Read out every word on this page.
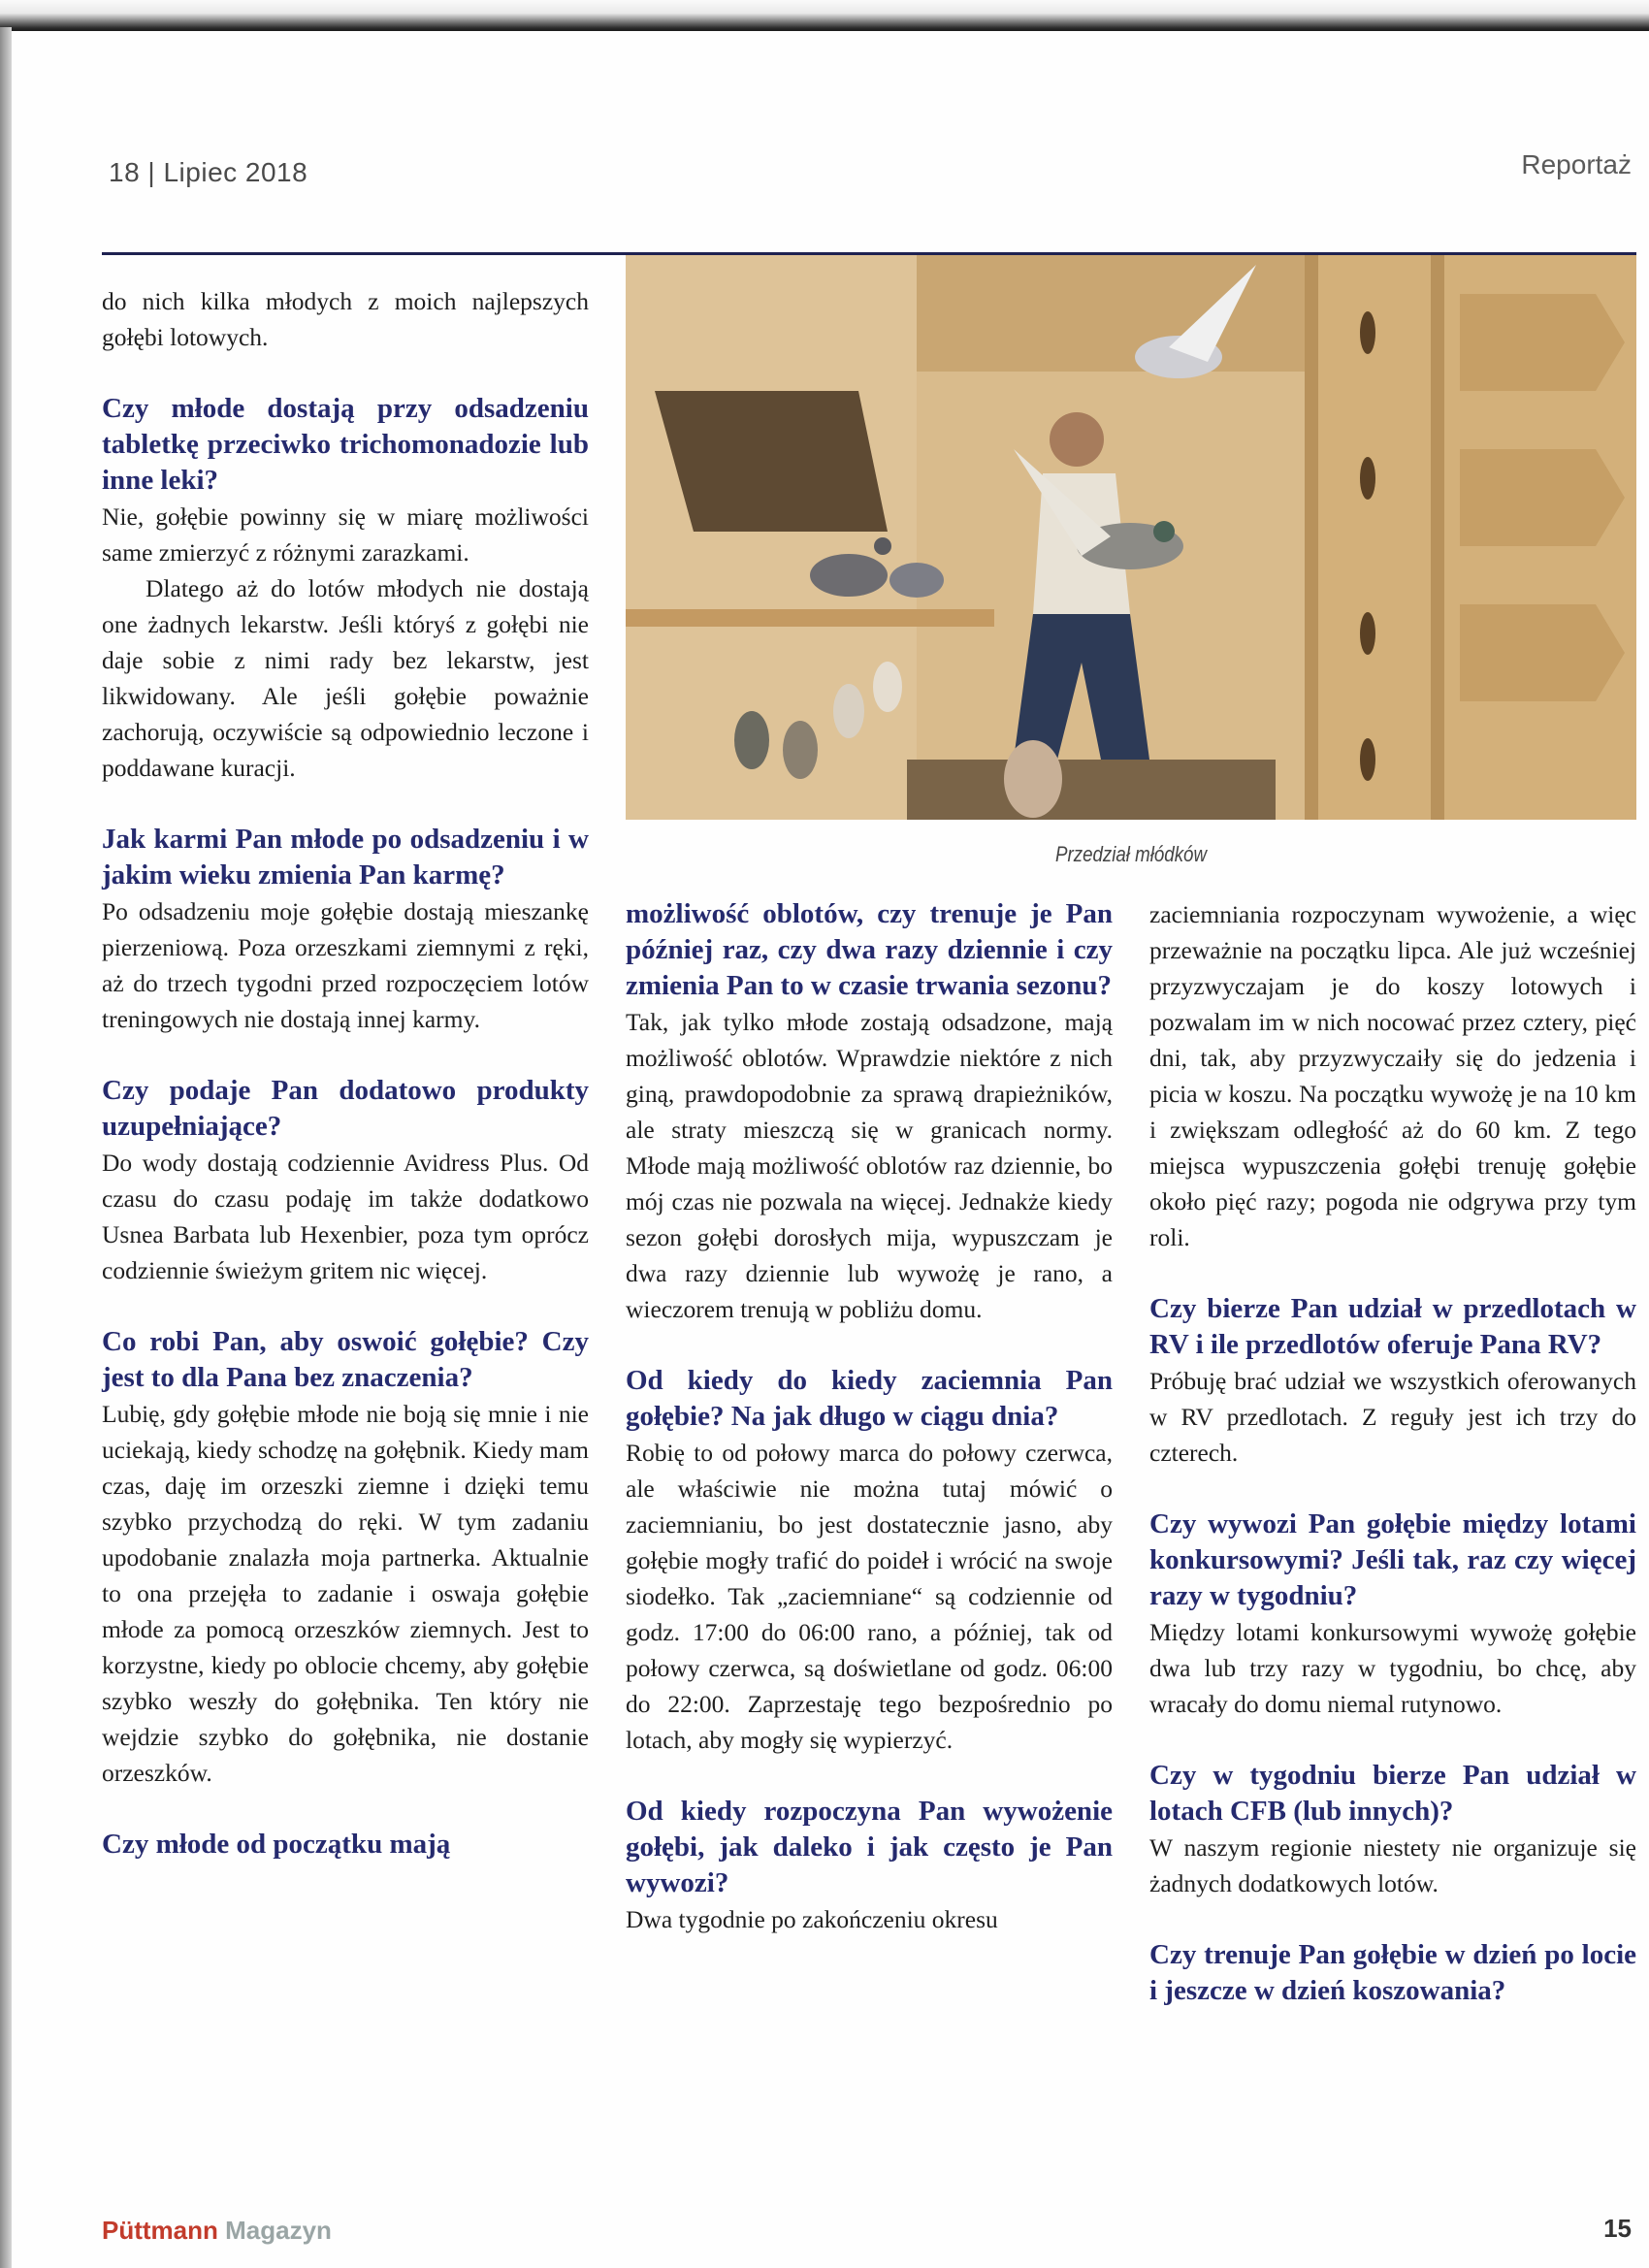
18 | Lipiec 2018	Reportaż
Przedział młódków

do nich kilka młodych z moich najlepszych gołębi lotowych.

Czy młode dostają przy odsadzeniu tabletkę przeciwko trichomonadozie lub inne leki?

Nie, gołębie powinny się w miarę możliwości same zmierzyć z różnymi zarazkami.

Dlatego aż do lotów młodych nie dostają one żadnych lekarstw. Jeśli któryś z gołębi nie daje sobie z nimi rady bez lekarstw, jest likwidowany. Ale jeśli gołębie poważnie zachorują, oczywiście są odpowiednio leczone i poddawane kuracji.

Jak karmi Pan młode po odsadzeniu i w jakim wieku zmienia Pan karmę?

Po odsadzeniu moje gołębie dostają mieszankę pierzeniową. Poza orzeszkami ziemnymi z ręki, aż do trzech tygodni przed rozpoczęciem lotów treningowych nie dostają innej karmy.

Czy podaje Pan dodatowo produkty uzupełniające?

Do wody dostają codziennie Avidress Plus. Od czasu do czasu podaję im także dodatkowo Usnea Barbata lub Hexenbier, poza tym oprócz codziennie świeżym gritem nic więcej.

Co robi Pan, aby oswoić gołębie? Czy jest to dla Pana bez znaczenia?

Lubię, gdy gołębie młode nie boją się mnie i nie uciekają, kiedy schodzę na gołębnik. Kiedy mam czas, daję im orzeszki ziemne i dzięki temu szybko przychodzą do ręki. W tym zadaniu upodobanie znalazła moja partnerka. Aktualnie to ona przejęła to zadanie i oswaja gołębie młode za pomocą orzeszków ziemnych. Jest to korzystne, kiedy po oblocie chcemy, aby gołębie szybko weszły do gołębnika. Ten który nie wejdzie szybko do gołębnika, nie dostanie orzeszków.

Czy młode od początku mają
możliwość oblotów, czy trenuje je Pan później raz, czy dwa razy dziennie i czy zmienia Pan to w czasie trwania sezonu?

Tak, jak tylko młode zostają odsadzone, mają możliwość oblotów. Wprawdzie niektóre z nich giną, prawdopodobnie za sprawą drapieżników, ale straty mieszczą się w granicach normy. Młode mają możliwość oblotów raz dziennie, bo mój czas nie pozwala na więcej. Jednakże kiedy sezon gołębi dorosłych mija, wypuszczam je dwa razy dziennie lub wywożę je rano, a wieczorem trenują w pobliżu domu.

Od kiedy do kiedy zaciemnia Pan gołębie? Na jak długo w ciągu dnia?

Robię to od połowy marca do połowy czerwca, ale właściwie nie można tutaj mówić o zaciemnianiu, bo jest dostatecznie jasno, aby gołębie mogły trafić do poideł i wrócić na swoje siodełko. Tak „zaciemniane“ są codziennie od godz. 17:00 do 06:00 rano, a później, tak od połowy czerwca, są doświetlane od godz. 06:00 do 22:00. Zaprzestaję tego bezpośrednio po lotach, aby mogły się wypierzyć.

Od kiedy rozpoczyna Pan wywożenie gołębi, jak daleko i jak często je Pan wywozi?

Dwa tygodnie po zakończeniu okresu

zaciemniania rozpoczynam wywożenie, a więc przeważnie na początku lipca. Ale już wcześniej przyzwyczajam je do koszy lotowych i pozwalam im w nich nocować przez cztery, pięć dni, tak, aby przyzwyczaiły się do jedzenia i picia w koszu. Na początku wywożę je na 10 km i zwiększam odległość aż do 60 km. Z tego miejsca wypuszczenia gołębi trenuję gołębie około pięć razy; pogoda nie odgrywa przy tym roli.

Czy bierze Pan udział w przedlotach w RV i ile przedlotów oferuje Pana RV?

Próbuję brać udział we wszystkich oferowanych w RV przedlotach. Z reguły jest ich trzy do czterech.

Czy wywozi Pan gołębie między lotami konkursowymi? Jeśli tak, raz czy więcej razy w tygodniu?

Między lotami konkursowymi wywożę gołębie dwa lub trzy razy w tygodniu, bo chcę, aby wracały do domu niemal rutynowo.

Czy w tygodniu bierze Pan udział w lotach CFB (lub innych)?

W naszym regionie niestety nie organizuje się żadnych dodatkowych lotów.

Czy trenuje Pan gołębie w dzień po locie i jeszcze w dzień koszowania?
Püttmann Magazyn	15
